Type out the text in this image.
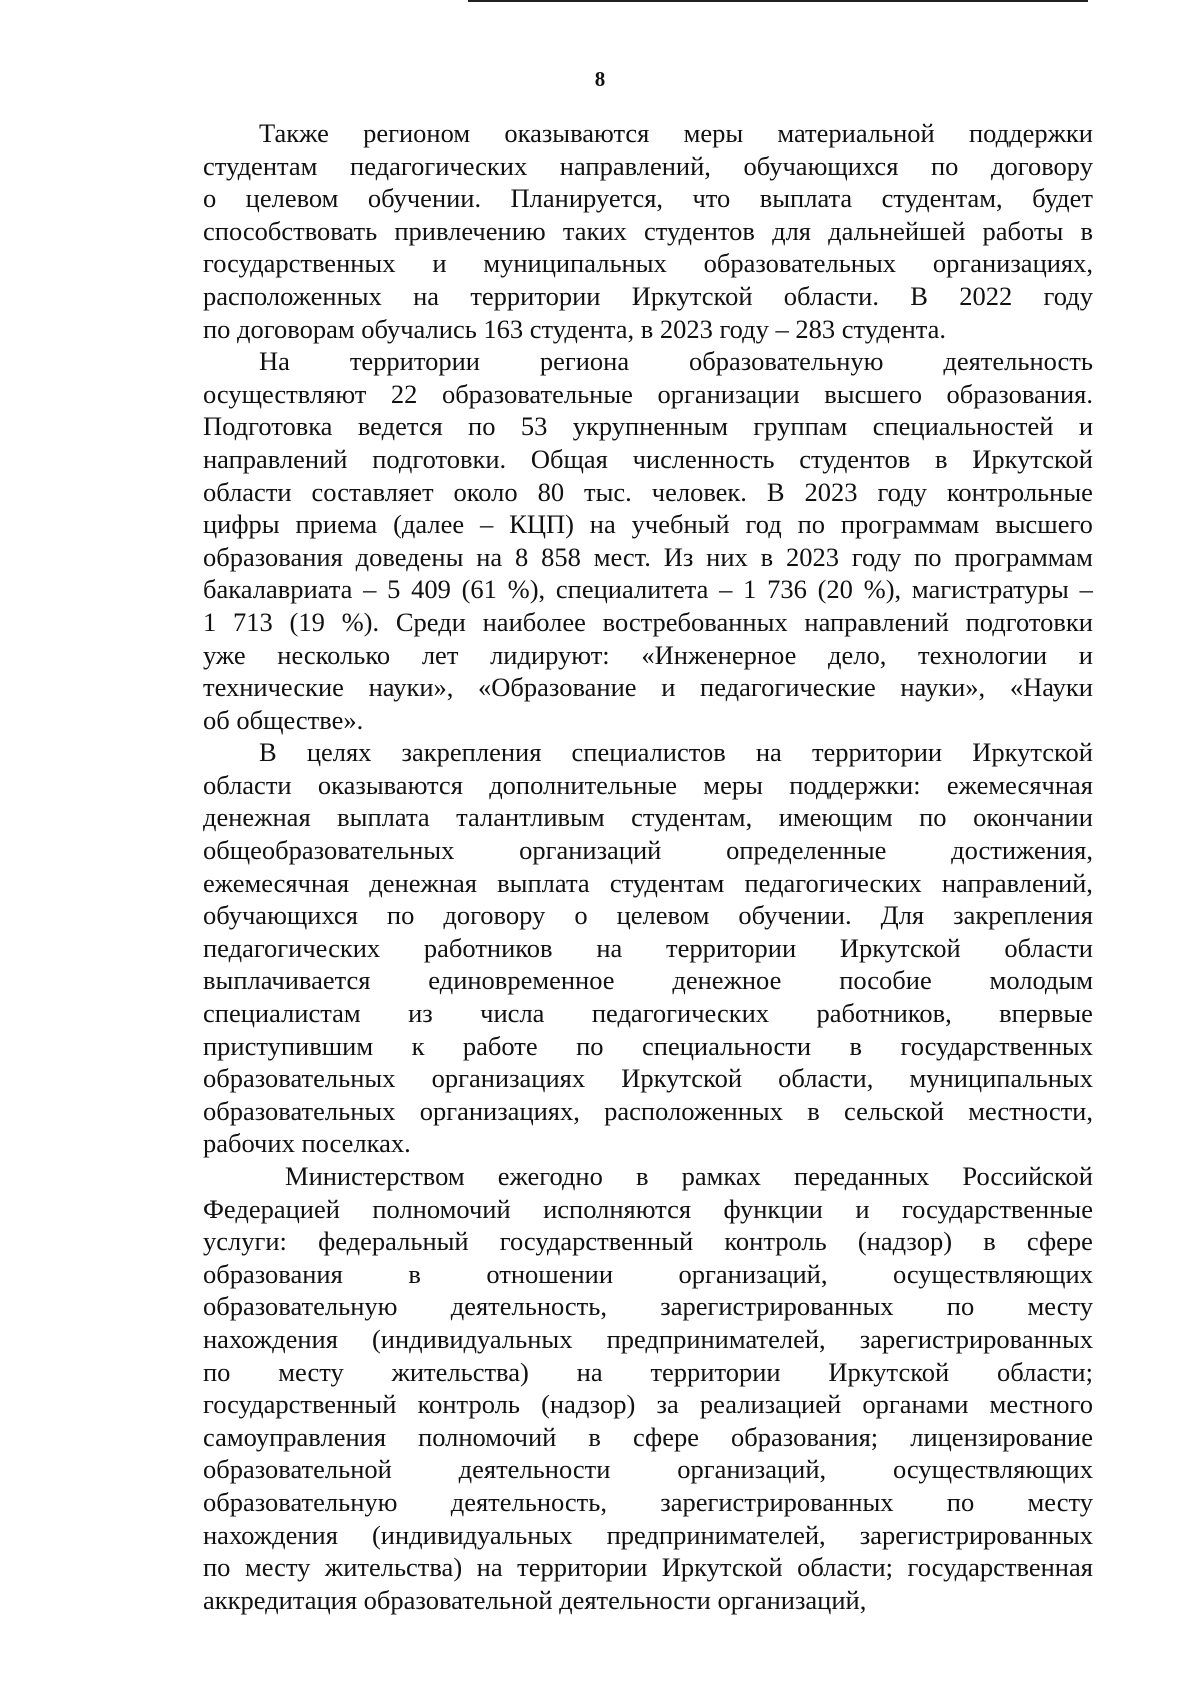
8
Также регионом оказываются меры материальной поддержки
студентам педагогических направлений, обучающихся по договору
о целевом обучении. Планируется, что выплата студентам, будет
способствовать привлечению таких студентов для дальнейшей работы в
государственных и муниципальных образовательных организациях,
расположенных на территории Иркутской области. В 2022 году
по договорам обучались 163 студента, в 2023 году – 283 студента.
На территории региона образовательную деятельность
осуществляют 22 образовательные организации высшего образования.
Подготовка ведется по 53 укрупненным группам специальностей и
направлений подготовки. Общая численность студентов в Иркутской
области составляет около 80 тыс. человек. В 2023 году контрольные
цифры приема (далее – КЦП) на учебный год по программам высшего
образования доведены на 8 858 мест. Из них в 2023 году по программам
бакалавриата – 5 409 (61 %), специалитета – 1 736 (20 %), магистратуры –
1 713 (19 %). Среди наиболее востребованных направлений подготовки
уже несколько лет лидируют: «Инженерное дело, технологии и
технические науки», «Образование и педагогические науки», «Науки
об обществе».
В целях закрепления специалистов на территории Иркутской
области оказываются дополнительные меры поддержки: ежемесячная
денежная выплата талантливым студентам, имеющим по окончании
общеобразовательных организаций определенные достижения,
ежемесячная денежная выплата студентам педагогических направлений,
обучающихся по договору о целевом обучении. Для закрепления
педагогических работников на территории Иркутской области
выплачивается единовременное денежное пособие молодым
специалистам из числа педагогических работников, впервые
приступившим к работе по специальности в государственных
образовательных организациях Иркутской области, муниципальных
образовательных организациях, расположенных в сельской местности,
рабочих поселках.
Министерством ежегодно в рамках переданных Российской
Федерацией полномочий исполняются функции и государственные
услуги: федеральный государственный контроль (надзор) в сфере
образования в отношении организаций, осуществляющих
образовательную деятельность, зарегистрированных по месту
нахождения (индивидуальных предпринимателей, зарегистрированных
по месту жительства) на территории Иркутской области;
государственный контроль (надзор) за реализацией органами местного
самоуправления полномочий в сфере образования; лицензирование
образовательной	деятельности	организаций,	осуществляющих
образовательную деятельность, зарегистрированных по месту
нахождения (индивидуальных предпринимателей, зарегистрированных
по месту жительства) на территории Иркутской области; государственная
аккредитация образовательной деятельности организаций,
